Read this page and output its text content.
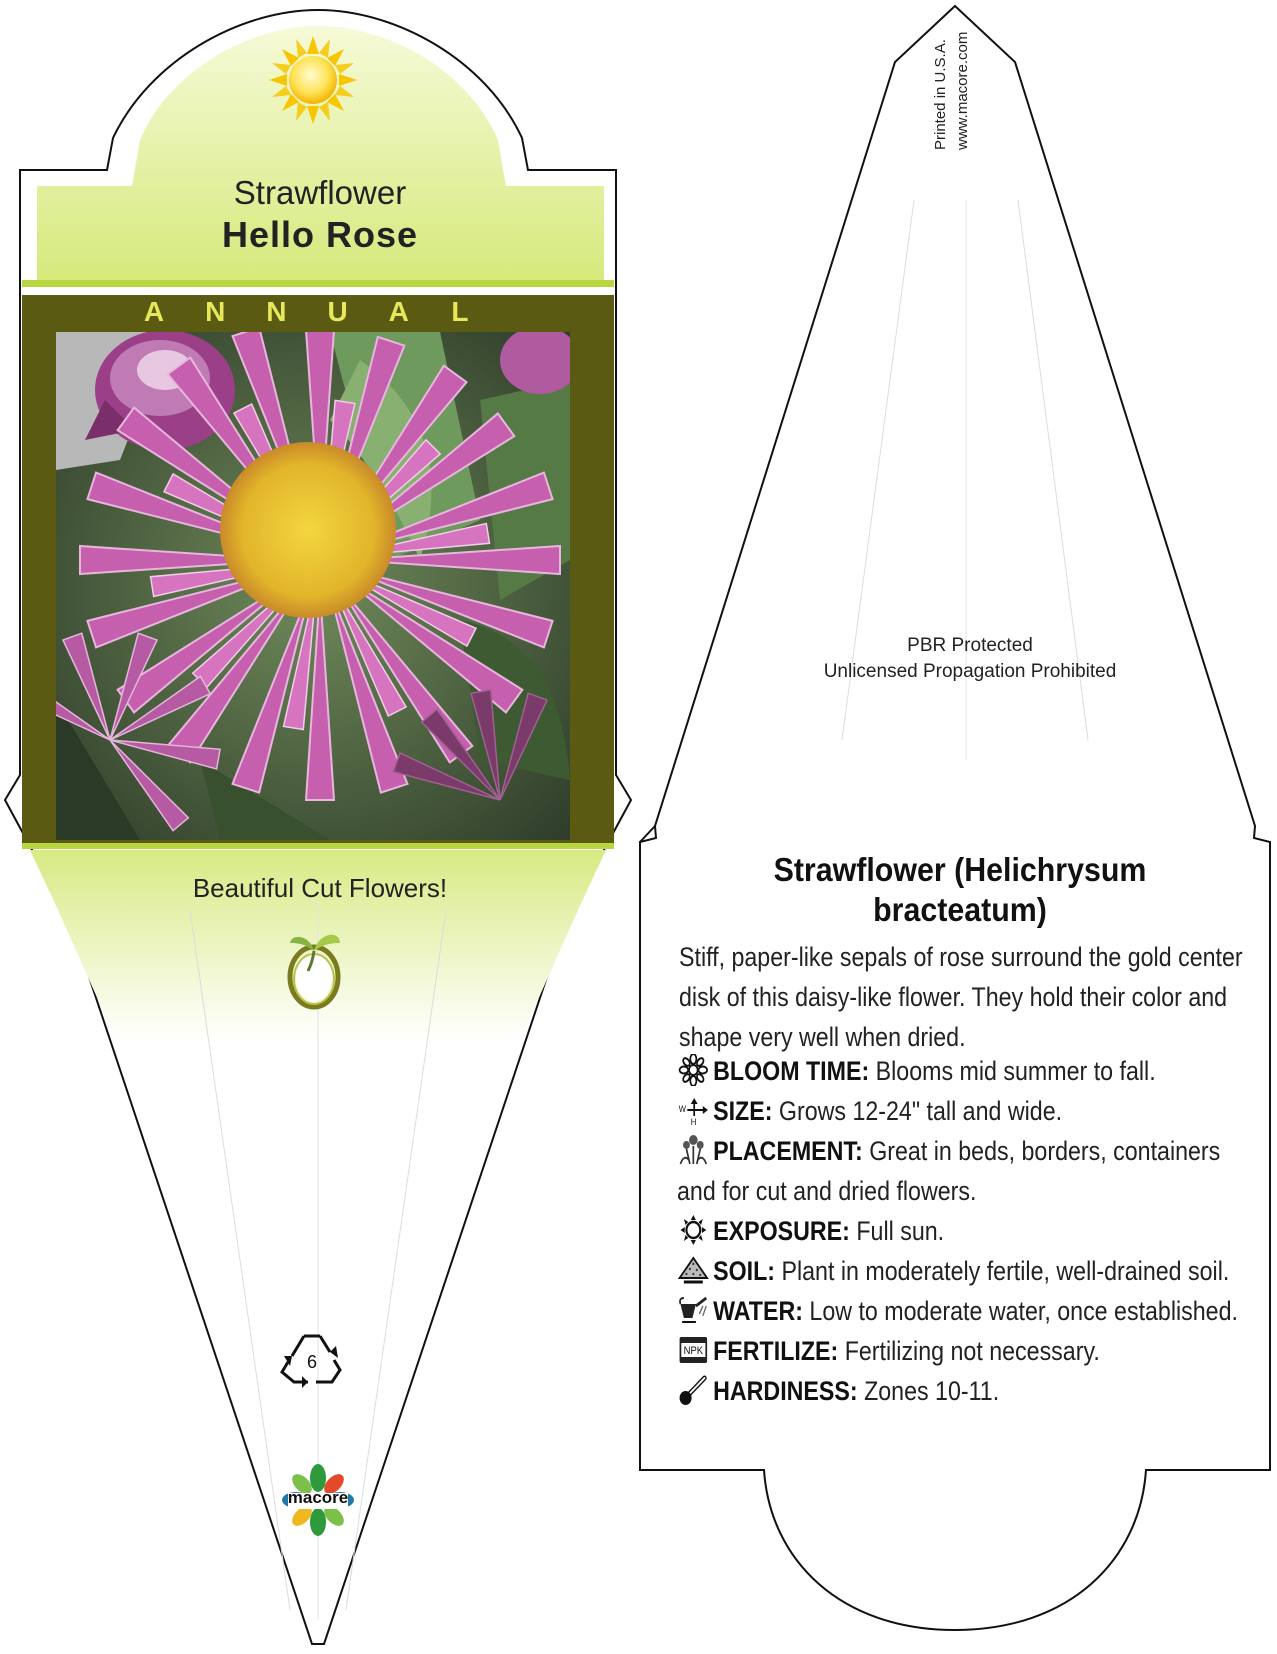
Strawflower
Hello Rose
A N N U A L
Beautiful Cut Flowers!
6
macore
Printed in U.S.A. www.macore.com
PBR Protected
Unlicensed Propagation Prohibited
Strawflower (Helichrysum bracteatum)
Stiff, paper-like sepals of rose surround the gold center disk of this daisy-like flower. They hold their color and shape very well when dried.
BLOOM TIME: Blooms mid summer to fall.
W
H SIZE: Grows 12-24" tall and wide.
PLACEMENT: Great in beds, borders, containers and for cut and dried flowers.
EXPOSURE: Full sun.
SOIL: Plant in moderately fertile, well-drained soil.
WATER: Low to moderate water, once established.
NPK FERTILIZE: Fertilizing not necessary.
HARDINESS: Zones 10-11.
